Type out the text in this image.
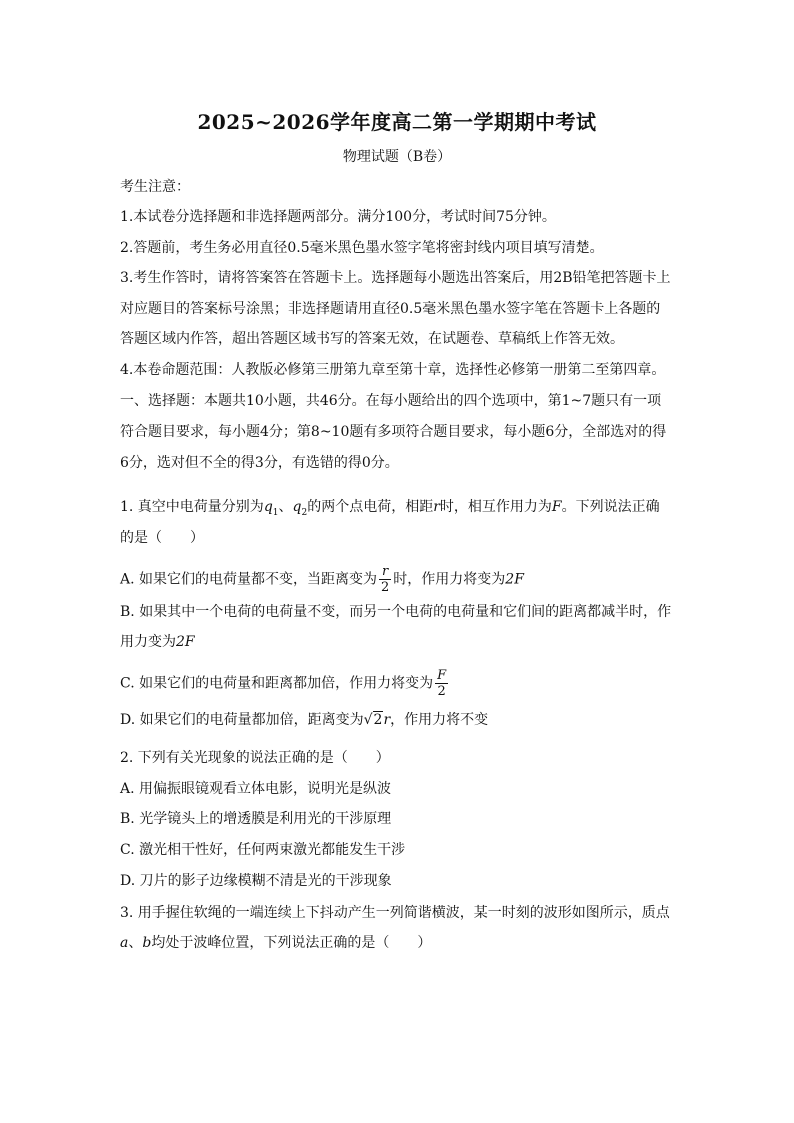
2025~2026学年度高二第一学期期中考试
物理试题（B卷）
考生注意：
1.本试卷分选择题和非选择题两部分。满分100分，考试时间75分钟。
2.答题前，考生务必用直径0.5毫米黑色墨水签字笔将密封线内项目填写清楚。
3.考生作答时，请将答案答在答题卡上。选择题每小题选出答案后，用2B铅笔把答题卡上
对应题目的答案标号涂黑；非选择题请用直径0.5毫米黑色墨水签字笔在答题卡上各题的
答题区域内作答，超出答题区域书写的答案无效，在试题卷、草稿纸上作答无效。
4.本卷命题范围：人教版必修第三册第九章至第十章，选择性必修第一册第二至第四章。
一、选择题：本题共10小题，共46分。在每小题给出的四个选项中，第1~7题只有一项
符合题目要求，每小题4分；第8~10题有多项符合题目要求，每小题6分，全部选对的得
6分，选对但不全的得3分，有选错的得0分。
1. 真空中电荷量分别为$q_1$、$q_2$的两个点电荷，相距r时，相互作用力为F。下列说法正确
的是（　　）
A. 如果它们的电荷量都不变，当距离变为 $\frac{r}{2}$ 时，作用力将变为2F
B. 如果其中一个电荷的电荷量不变，而另一个电荷的电荷量和它们间的距离都减半时，作
用力变为2F
C. 如果它们的电荷量和距离都加倍，作用力将变为 $\frac{F}{2}$
D. 如果它们的电荷量都加倍，距离变为√2r，作用力将不变
2. 下列有关光现象的说法正确的是（　　）
A. 用偏振眼镜观看立体电影，说明光是纵波
B. 光学镜头上的增透膜是利用光的干涉原理
C. 激光相干性好，任何两束激光都能发生干涉
D. 刀片的影子边缘模糊不清是光的干涉现象
3. 用手握住软绳的一端连续上下抖动产生一列简谐横波，某一时刻的波形如图所示，质点
a、b均处于波峰位置，下列说法正确的是（　　）
